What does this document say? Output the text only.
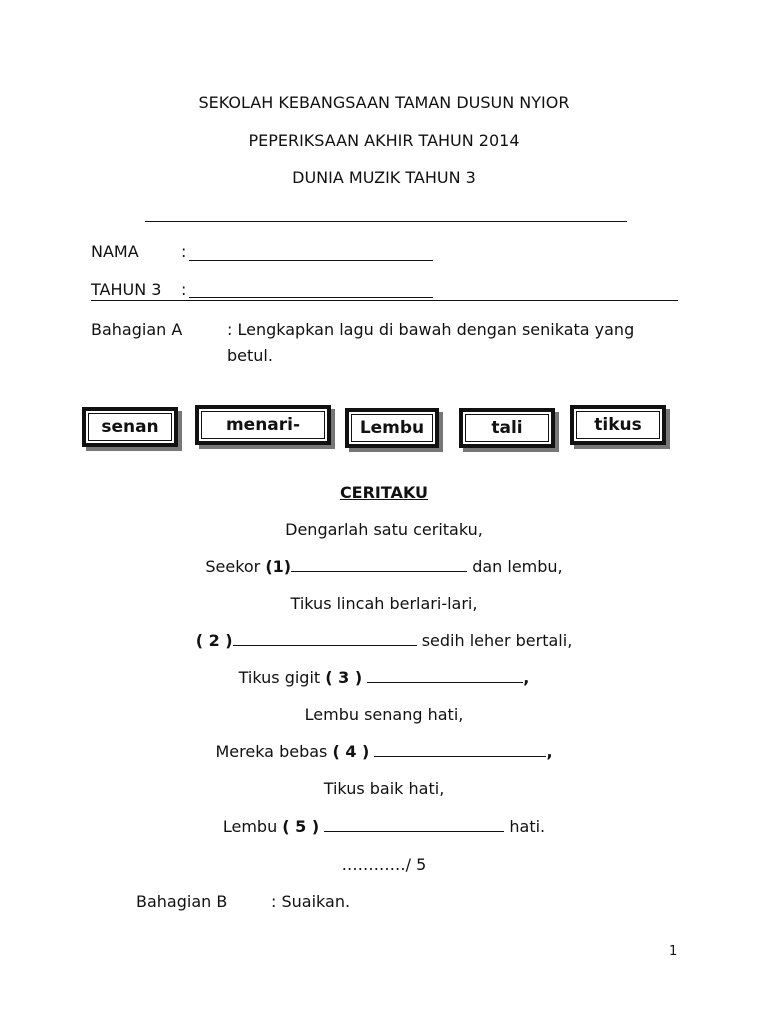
SEKOLAH KEBANGSAAN TAMAN DUSUN NYIOR
PEPERIKSAAN AKHIR TAHUN 2014
DUNIA MUZIK TAHUN 3
NAMA	:
TAHUN 3 :
Bahagian A	: Lengkapkan lagu di bawah dengan senikata yang
betul.
senan	menari-	Lembu	tali	tikus
CERITAKU
Dengarlah satu ceritaku,
Seekor (1)	dan lembu,
Tikus lincah berlari-lari,
( 2 )	sedih leher bertali,
Tikus gigit ( 3 )	,
Lembu senang hati,
Mereka bebas ( 4 )	,
Tikus baik hati,
Lembu ( 5 )	hati.
…………/ 5
Bahagian B	: Suaikan.
1
